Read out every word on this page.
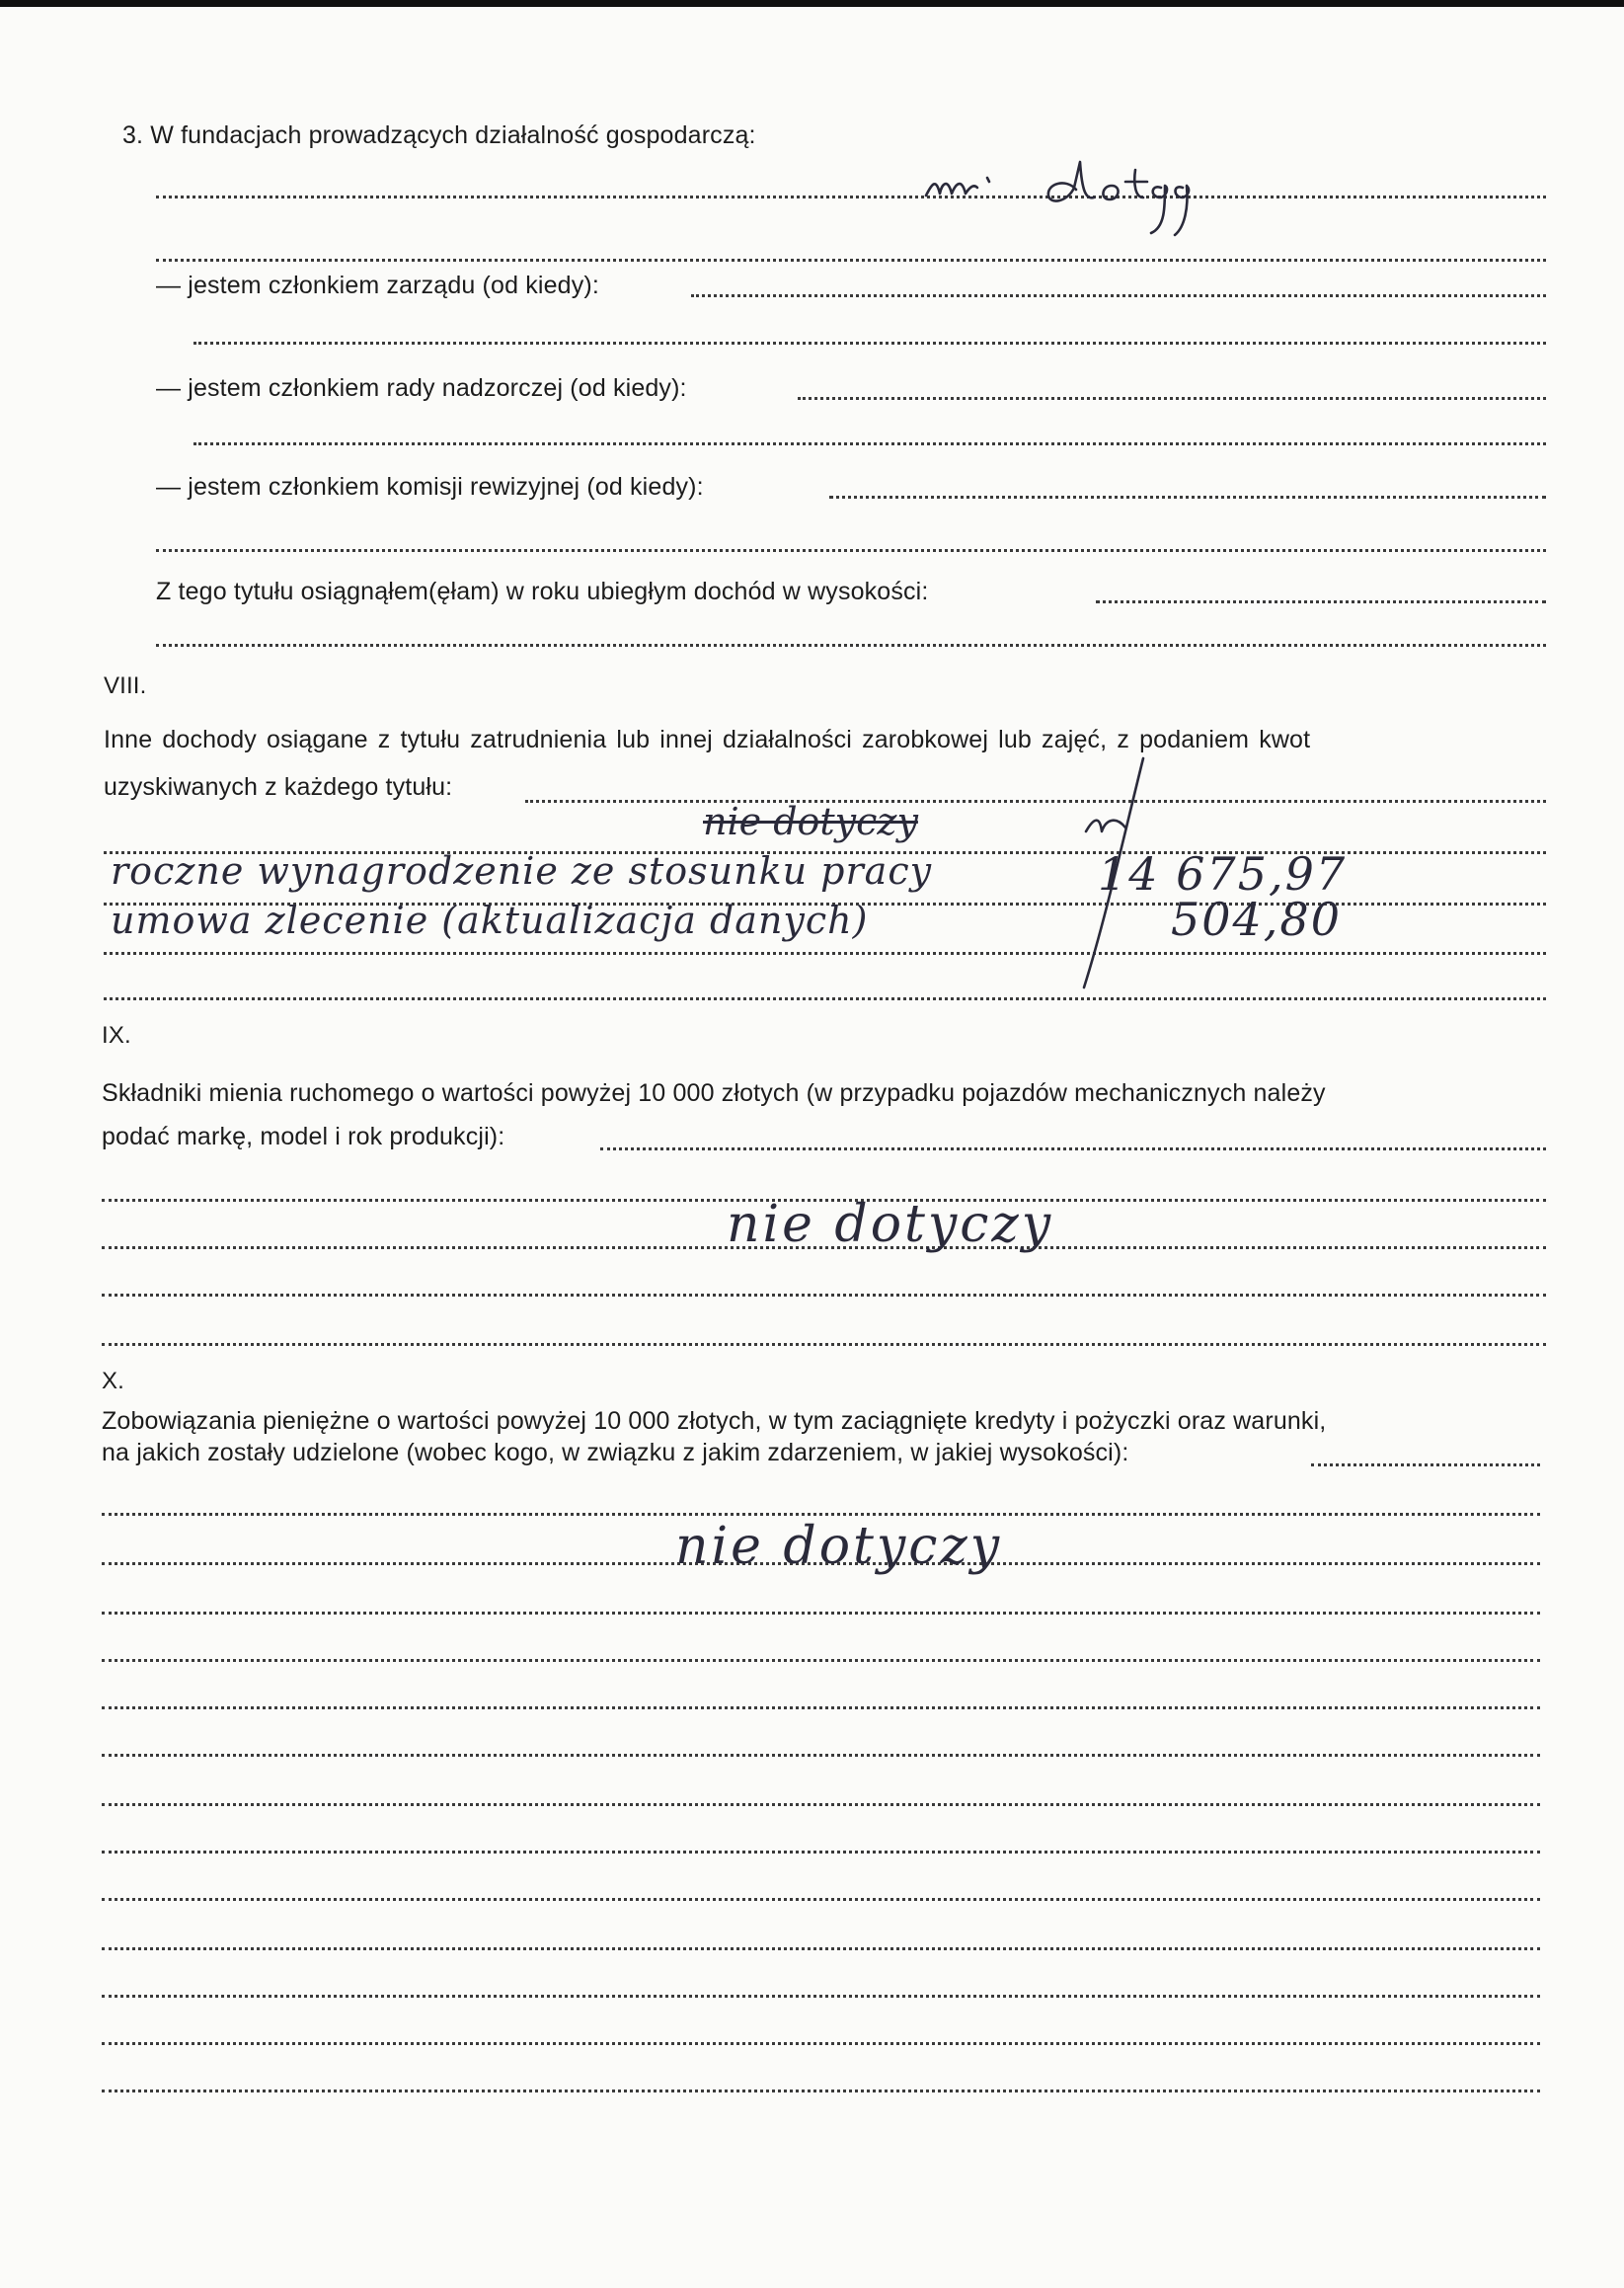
3. W fundacjach prowadzących działalność gospodarczą:
— jestem członkiem zarządu (od kiedy):
— jestem członkiem rady nadzorczej (od kiedy):
— jestem członkiem komisji rewizyjnej (od kiedy):
Z tego tytułu osiągnąłem(ęłam) w roku ubiegłym dochód w wysokości:
VIII.
Inne dochody osiągane z tytułu zatrudnienia lub innej działalności zarobkowej lub zajęć, z podaniem kwot
uzyskiwanych z każdego tytułu:
nie dotyczy
roczne wynagrodzenie ze stosunku pracy
umowa zlecenie (aktualizacja danych)
14 675,97
504,80
IX.
Składniki mienia ruchomego o wartości powyżej 10 000 złotych (w przypadku pojazdów mechanicznych należy
podać markę, model i rok produkcji):
nie dotyczy
X.
Zobowiązania pieniężne o wartości powyżej 10 000 złotych, w tym zaciągnięte kredyty i pożyczki oraz warunki,
na jakich zostały udzielone (wobec kogo, w związku z jakim zdarzeniem, w jakiej wysokości):
nie dotyczy
